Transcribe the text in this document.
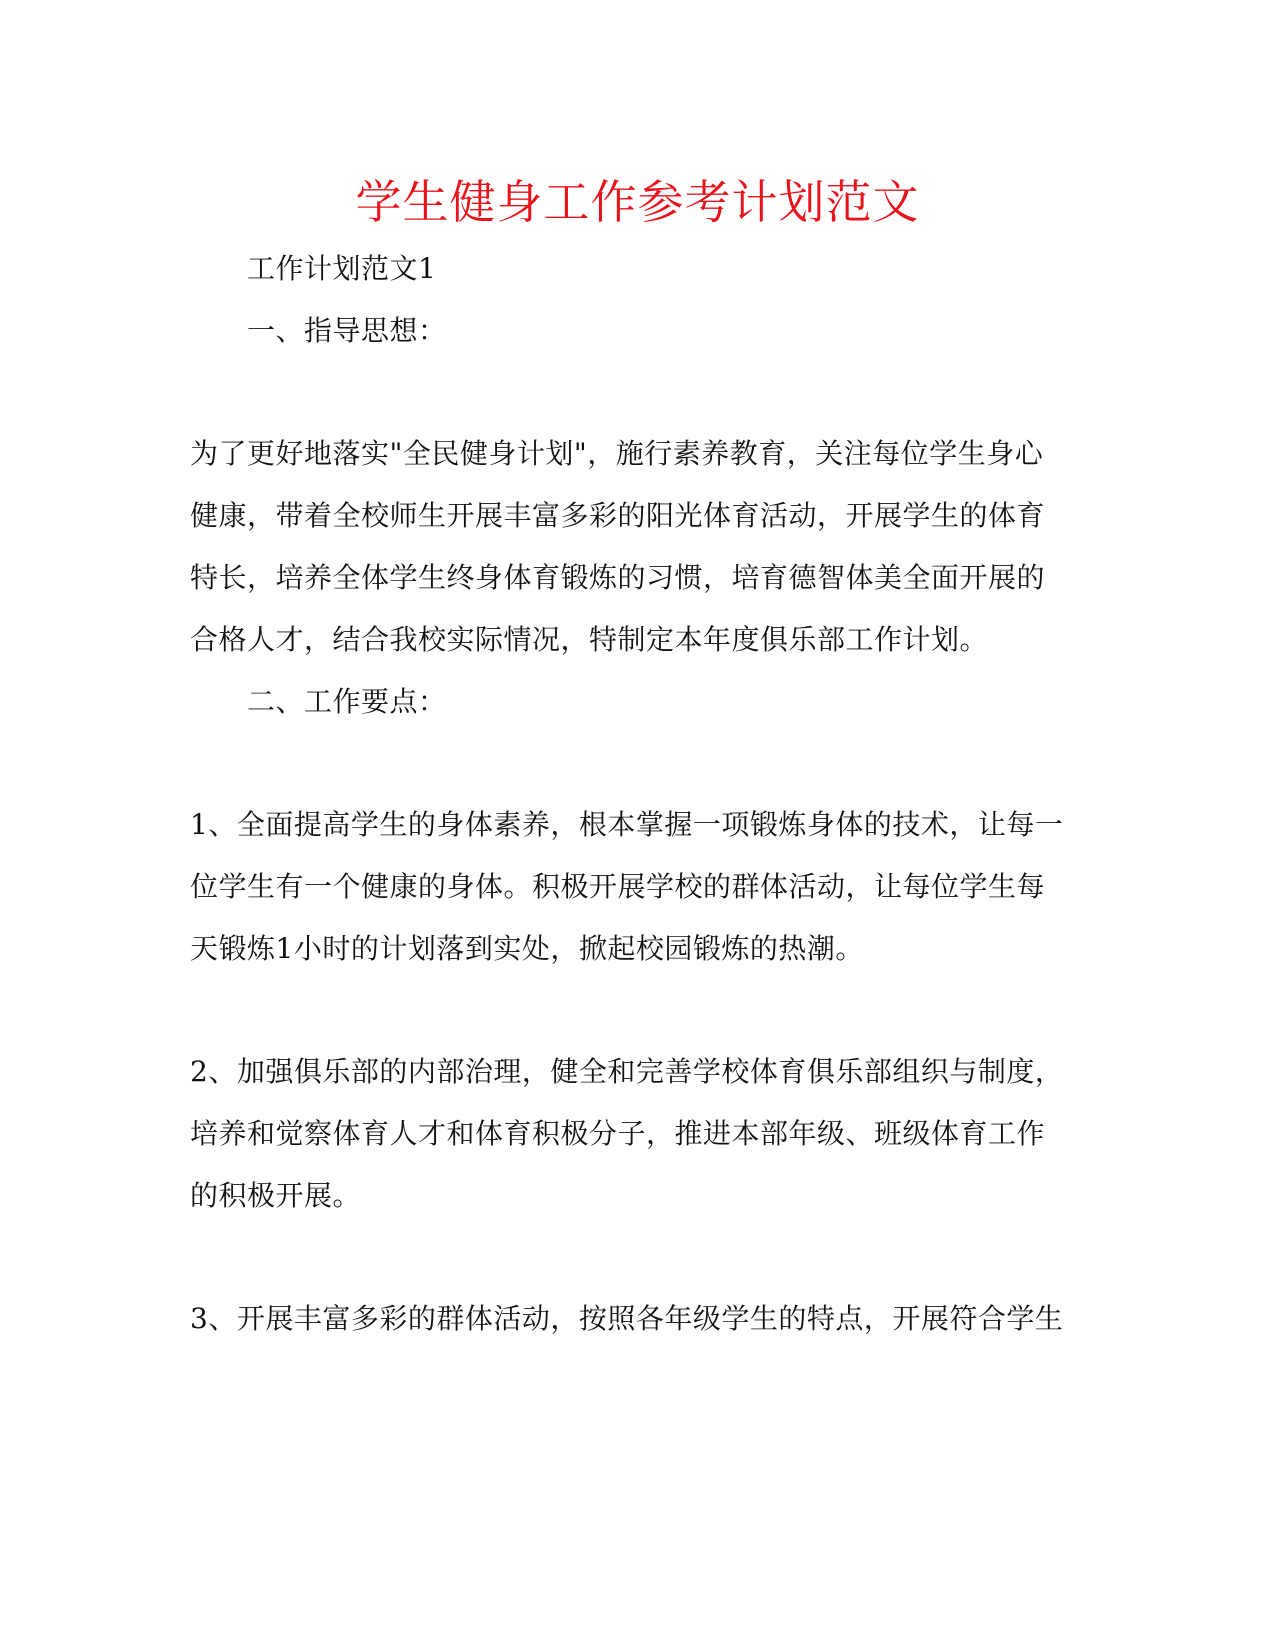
学生健身工作参考计划范文
工作计划范文1
一、指导思想：
为了更好地落实"全民健身计划"，施行素养教育，关注每位学生身心
健康，带着全校师生开展丰富多彩的阳光体育活动，开展学生的体育
特长，培养全体学生终身体育锻炼的习惯，培育德智体美全面开展的
合格人才，结合我校实际情况，特制定本年度俱乐部工作计划。
二、工作要点：
1、全面提高学生的身体素养，根本掌握一项锻炼身体的技术，让每一
位学生有一个健康的身体。积极开展学校的群体活动，让每位学生每
天锻炼1小时的计划落到实处，掀起校园锻炼的热潮。
2、加强俱乐部的内部治理，健全和完善学校体育俱乐部组织与制度，
培养和觉察体育人才和体育积极分子，推进本部年级、班级体育工作
的积极开展。
3、开展丰富多彩的群体活动，按照各年级学生的特点，开展符合学生
